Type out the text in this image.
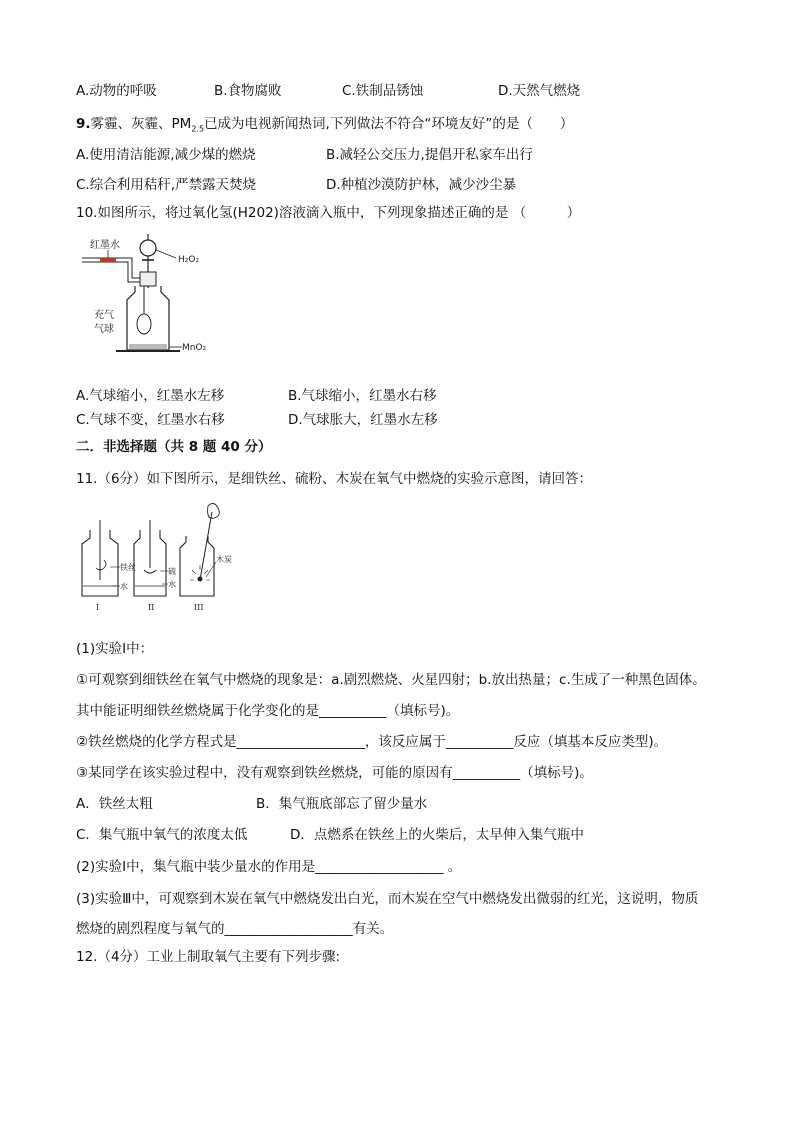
A.动物的呼吸	B.食物腐败	C.铁制品锈蚀	D.天然气燃烧
9.雾霾、灰霾、$PM_{2.5}$已成为电视新闻热词,下列做法不符合“环境友好”的是（　　）
A.使用清洁能源,减少煤的燃烧	B.减轻公交压力,提倡开私家车出行
C.综合利用秸秆,严禁露天焚烧	D.种植沙漠防护林，减少沙尘暴
10.如图所示，将过氧化氢(H202)溶液滴入瓶中，下列现象描述正确的是 （　　　）
H₂O₂
红墨水
充气
气球
MnO₂
A.气球缩小，红墨水左移	B.气球缩小，红墨水右移
C.气球不变，红墨水右移	D.气球胀大，红墨水左移
二．非选择题（共 8 题 40 分）
11.（6分）如下图所示，是细铁丝、硫粉、木炭在氧气中燃烧的实验示意图，请回答：
铁丝
水
I
硫
水
II
木炭
III
(1)实验Ⅰ中：
①可观察到细铁丝在氧气中燃烧的现象是：a.剧烈燃烧、火星四射；b.放出热量；c.生成了一种黑色固体。
其中能证明细铁丝燃烧属于化学变化的是__________（填标号)。
②铁丝燃烧的化学方程式是___________________，该反应属于__________反应（填基本反应类型)。
③某同学在该实验过程中，没有观察到铁丝燃烧，可能的原因有__________（填标号)。
A．铁丝太粗	B．集气瓶底部忘了留少量水
C．集气瓶中氧气的浓度太低	D．点燃系在铁丝上的火柴后，太早伸入集气瓶中
(2)实验Ⅰ中，集气瓶中装少量水的作用是___________________ 。
(3)实验Ⅲ中，可观察到木炭在氧气中燃烧发出白光，而木炭在空气中燃烧发出微弱的红光，这说明，物质
燃烧的剧烈程度与氧气的___________________有关。
12.（4分）工业上制取氧气主要有下列步骤:
